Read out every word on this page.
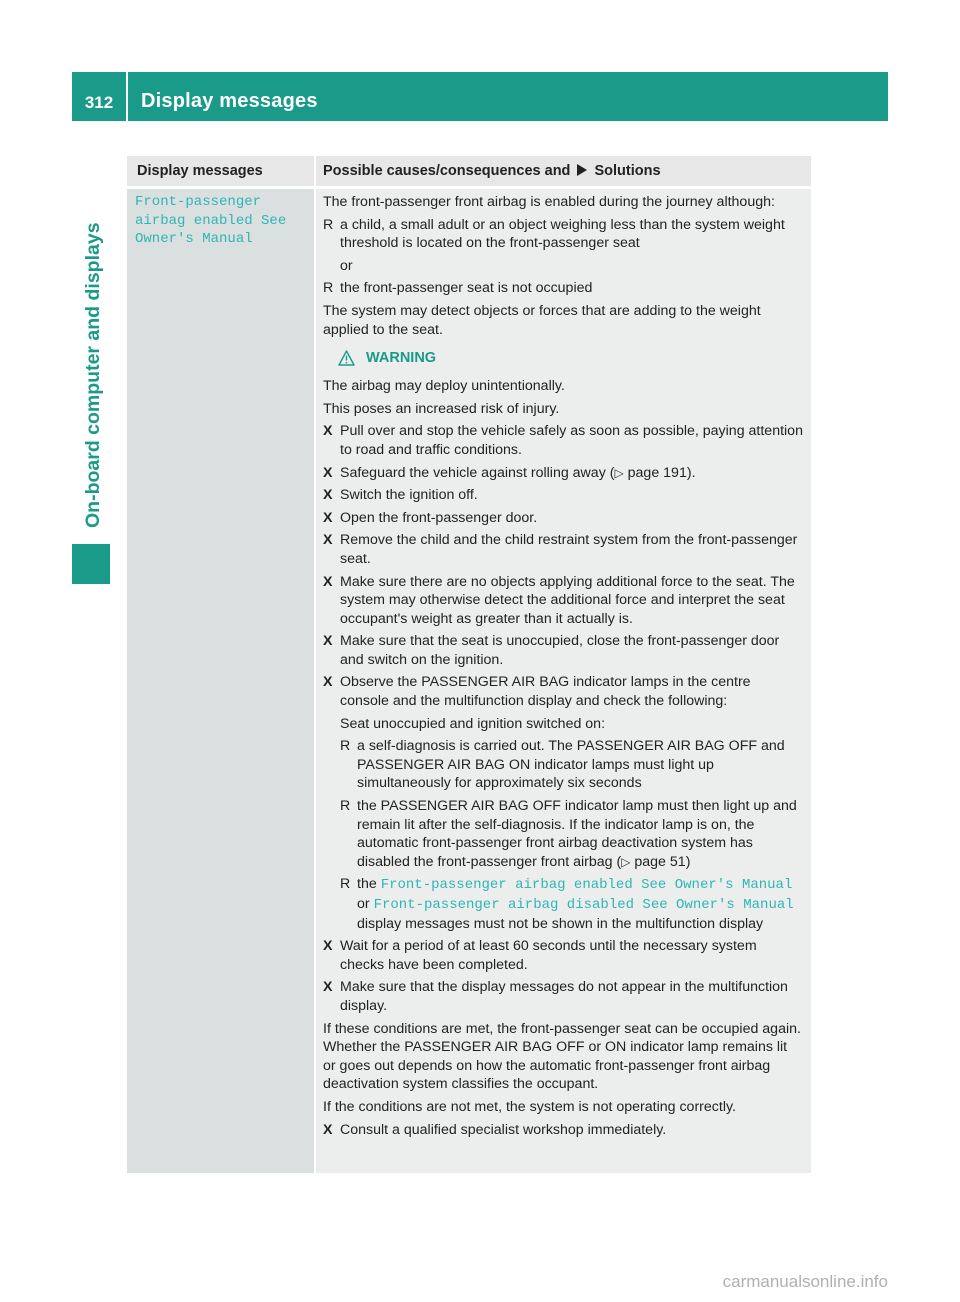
312	Display messages
On-board computer and displays
Display messages	Possible causes/consequences and Solutions
Front-passenger
airbag enabled See
Owner's Manual

The front-passenger front airbag is enabled during the journey although:

R a child, a small adult or an object weighing less than the system weight threshold is located on the front-passenger seat
or
R the front-passenger seat is not occupied

The system may detect objects or forces that are adding to the weight applied to the seat.

WARNING

The airbag may deploy unintentionally.

This poses an increased risk of injury.

X Pull over and stop the vehicle safely as soon as possible, paying attention to road and traffic conditions.
X Safeguard the vehicle against rolling away (▷ page 191).
X Switch the ignition off.
X Open the front-passenger door.
X Remove the child and the child restraint system from the front-passenger seat.
X Make sure there are no objects applying additional force to the seat. The system may otherwise detect the additional force and interpret the seat occupant's weight as greater than it actually is.
X Make sure that the seat is unoccupied, close the front-passenger door and switch on the ignition.
X Observe the PASSENGER AIR BAG indicator lamps in the centre console and the multifunction display and check the following:
Seat unoccupied and ignition switched on:
R a self-diagnosis is carried out. The PASSENGER AIR BAG OFF and PASSENGER AIR BAG ON indicator lamps must light up simultaneously for approximately six seconds
R the PASSENGER AIR BAG OFF indicator lamp must then light up and remain lit after the self-diagnosis. If the indicator lamp is on, the automatic front-passenger front airbag deactivation system has disabled the front-passenger front airbag (▷ page 51)
R the Front-passenger airbag enabled See Owner's Manual
or Front-passenger airbag disabled See Owner's Manual
display messages must not be shown in the multifunction display
X Wait for a period of at least 60 seconds until the necessary system checks have been completed.
X Make sure that the display messages do not appear in the multifunction display.

If these conditions are met, the front-passenger seat can be occupied again. Whether the PASSENGER AIR BAG OFF or ON indicator lamp remains lit or goes out depends on how the automatic front-passenger front airbag deactivation system classifies the occupant.

If the conditions are not met, the system is not operating correctly.

X Consult a qualified specialist workshop immediately.
carmanualsonline.info
